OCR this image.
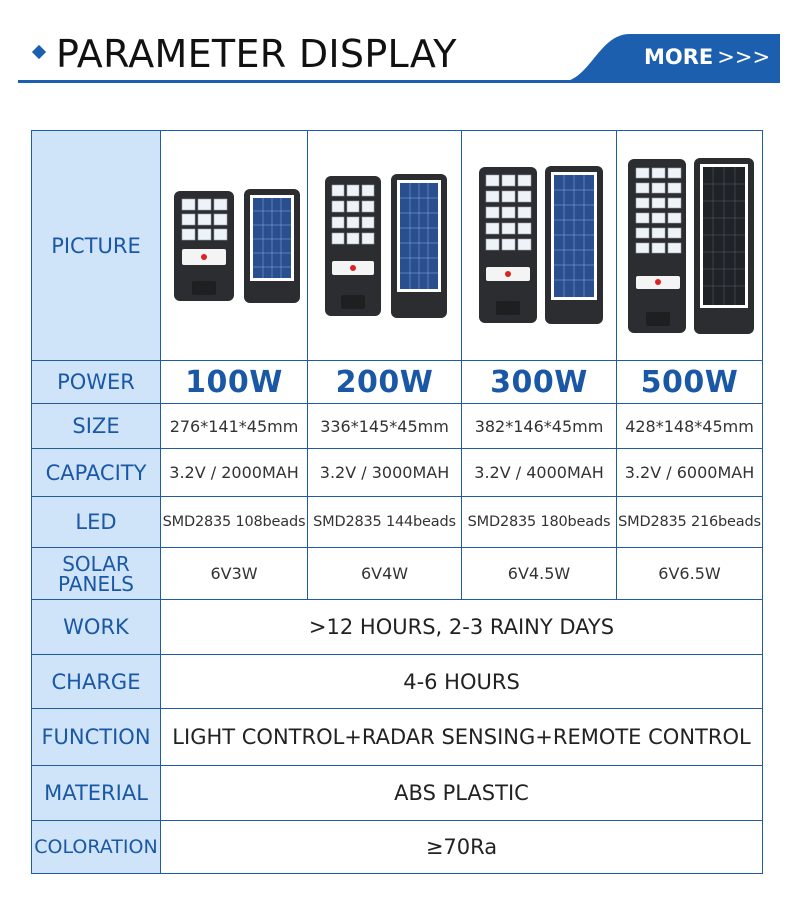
PARAMETER DISPLAY	MORE >>>
PICTURE	

POWER	100W	200W	300W	500W
SIZE	276*141*45mm	336*145*45mm	382*146*45mm	428*148*45mm
CAPACITY	3.2V / 2000MAH	3.2V / 3000MAH	3.2V / 4000MAH	3.2V / 6000MAH
LED	SMD2835 108beads	SMD2835 144beads	SMD2835 180beads	SMD2835 216beads

SOLAR
PANELS	6V3W	6V4W	6V4.5W	6V6.5W
WORK	>12 HOURS, 2-3 RAINY DAYS			
CHARGE	4-6 HOURS			
FUNCTION	LIGHT CONTROL+RADAR SENSING+REMOTE CONTROL			
MATERIAL	ABS PLASTIC			
COLORATION	≥70Ra			
